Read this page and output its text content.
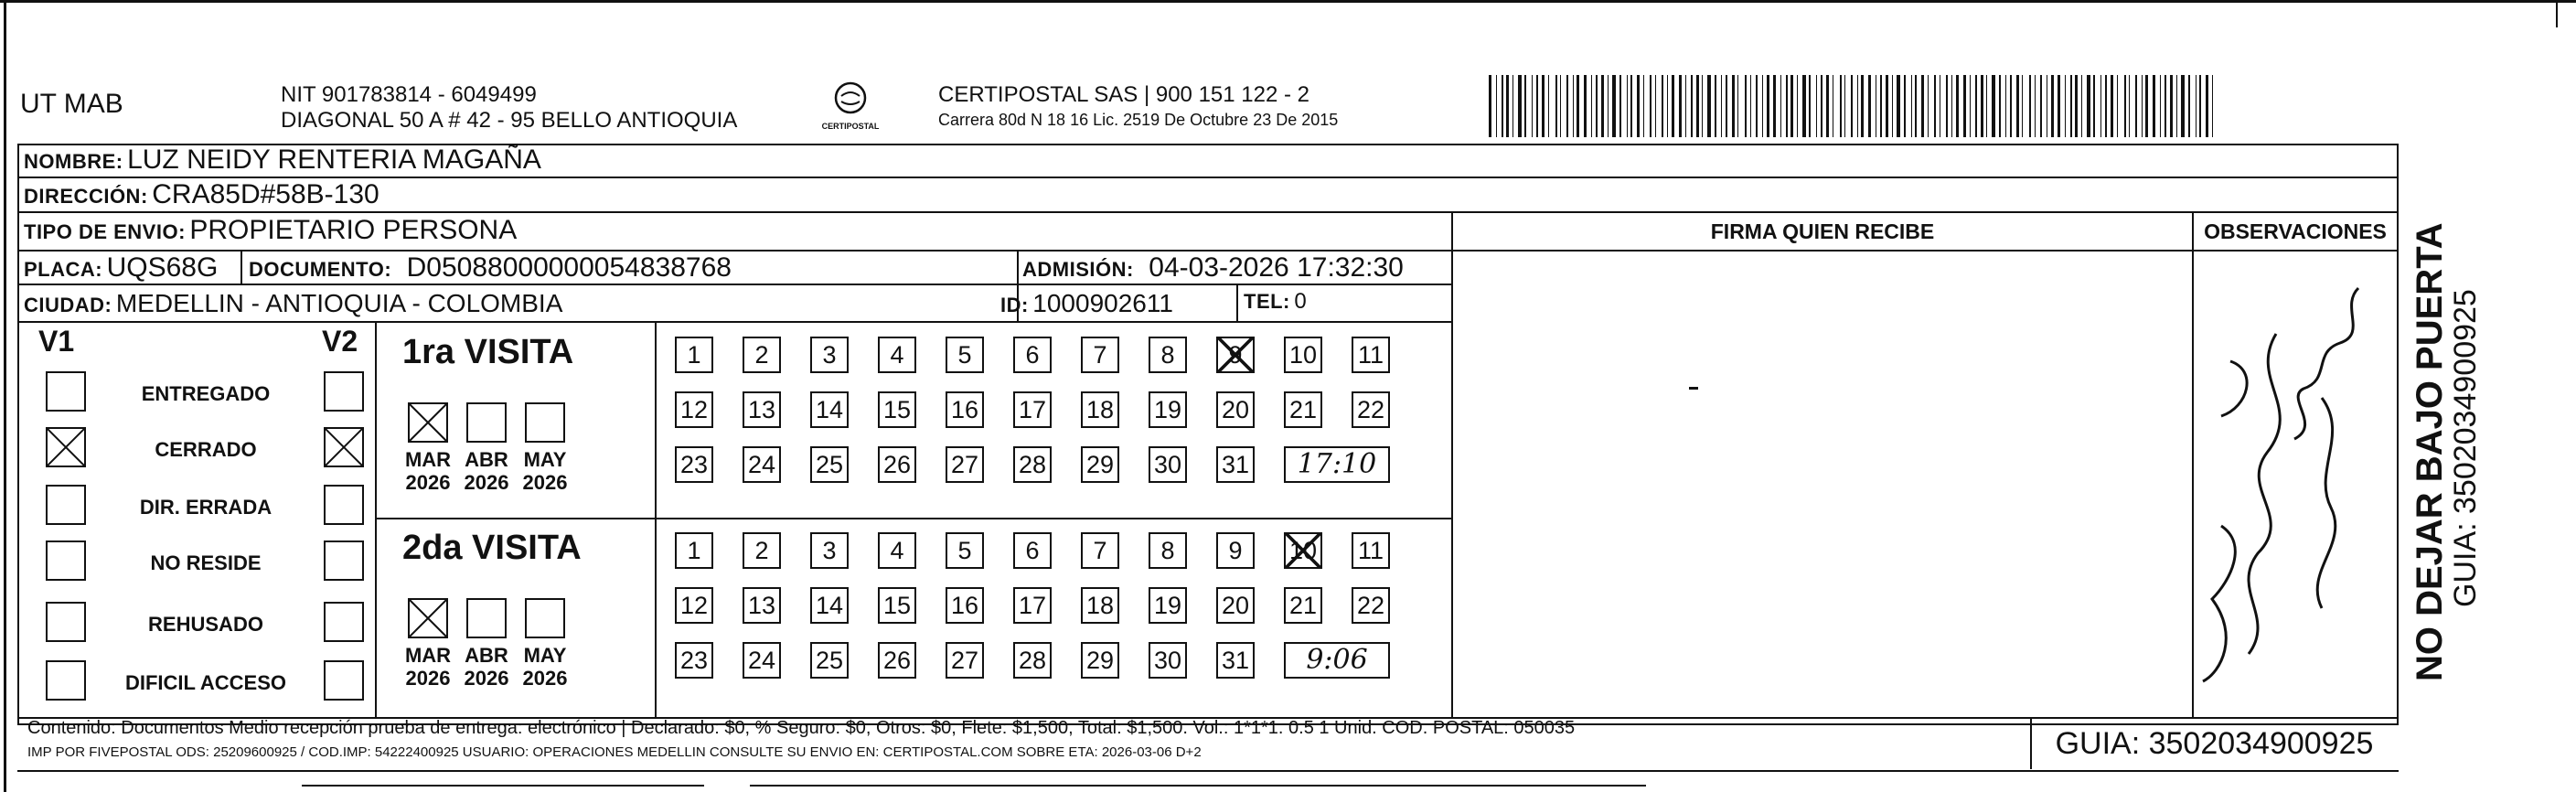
UT MAB	NIT 901783814 - 6049499
DIAGONAL 50 A # 42 - 95 BELLO ANTIOQUIA	CERTIPOSTAL
CERTIPOSTAL SAS | 900 151 122 - 2
Carrera 80d N 18 16 Lic. 2519 De Octubre 23 De 2015
NOMBRE: LUZ NEIDY RENTERIA MAGAÑA
DIRECCIÓN: CRA85D#58B-130
TIPO DE ENVIO: PROPIETARIO PERSONA
PLACA: UQS68G DOCUMENTO: D05088000000054838768	ADMISIÓN: 04-03-2026 17:32:30
CIUDAD: MEDELLIN - ANTIOQUIA - COLOMBIA	ID: 1000902611	TEL: 0
FIRMA QUIEN RECIBE	OBSERVACIONES
V1	V2
ENTREGADO
CERRADO
DIR. ERRADA
NO RESIDE
REHUSADO
DIFICIL ACCESO
1ra VISITA
MAR
2026
ABR
2026
MAY
2026
1	2	3	4	5	6	7	8	9	10 11
12 13 14 15 16 17 18 19 20 21 22
23 24 25 26 27 28 29 30 31	17:10
2da VISITA
MAR
2026
ABR
2026
MAY
2026
1	2	3	4	5	6	7	8	9	10 11
12 13 14 15 16 17 18 19 20 21 22
23 24 25 26 27 28 29 30 31	9:06
Contenido: Documentos Medio recepción prueba de entrega: electrónico | Declarado: $0, % Seguro: $0, Otros: $0, Flete: $1,500, Total: $1,500. Vol.: 1*1*1. 0.5 1 Unid. COD. POSTAL: 050035
IMP POR FIVEPOSTAL ODS: 25209600925 / COD.IMP: 54222400925 USUARIO: OPERACIONES MEDELLIN CONSULTE SU ENVIO EN: CERTIPOSTAL.COM SOBRE ETA: 2026-03-06 D+2	GUIA: 3502034900925
NO DEJAR BAJO PUERTA
GUIA: 3502034900925
